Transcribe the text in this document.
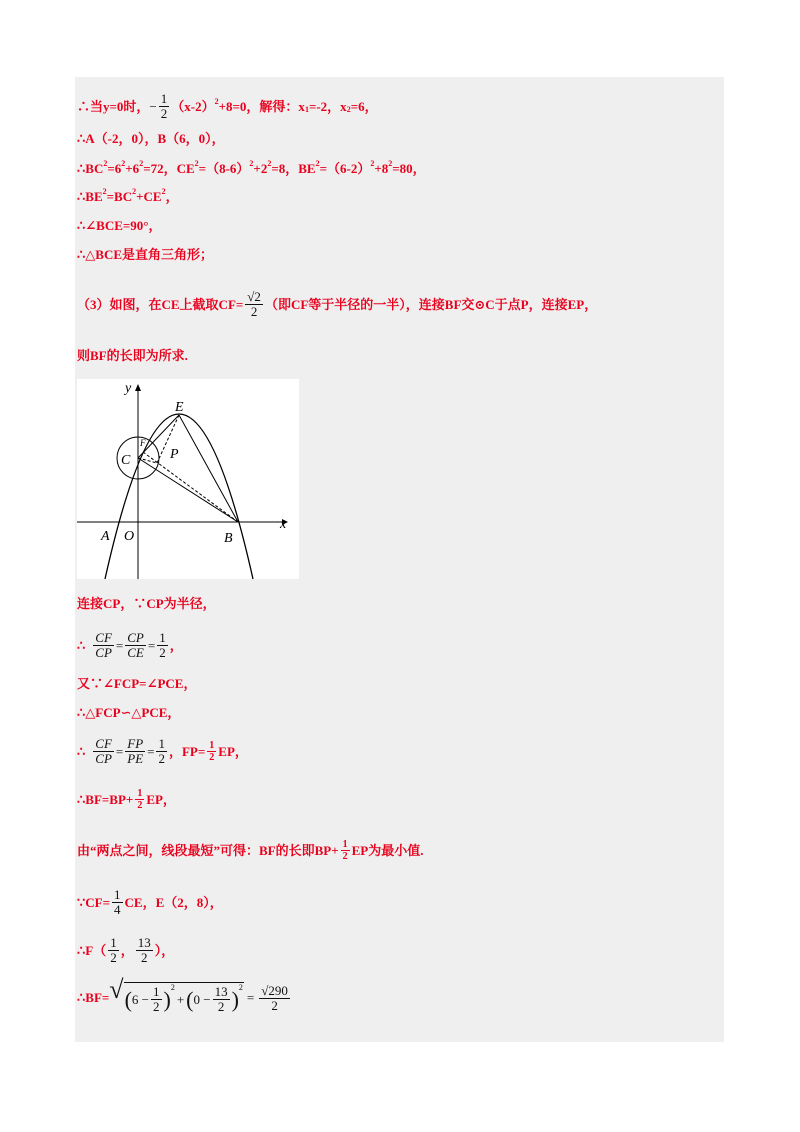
∴当y=0时， − $\frac{1}{2} (x-2)^2 +8=0$，解得：$x_1 =-2$，$x_2 =6$，
∴A（-2，0），B（6，0），
$\therefore BC^2 =6^2 +6^2 =72$，$CE^2 =(8-6)^2 +2^2 =8$，$BE^2 =(6-2)^2 +8^2 =80$，
$\therefore BE^2 =BC^2 +CE^2$ ，
∴∠BCE=90°，
∴△BCE是直角三角形；
（3）如图，在CE上截取$CF= \frac{√2}{2}$ （即CF等于半径的一半），连接BF交⊙C于点P，连接EP，
则BF的长即为所求.
y
x
E
C	P
F
A O	B
连接CP，∵CP为半径，
∴ $\frac{CF}{CP} = \frac{CP}{CE} = \frac{1}{2}$ ，
又∵∠FCP=∠PCE，
∴△FCP∽△PCE，
∴ $\frac{CF}{CP} = \frac{FP}{PE} = \frac{1}{2}$ ，$FP= \frac{1}{2}$ EP，
∴BF=BP+ $\frac{1}{2}$ EP，
由“两点之间，线段最短”可得：BF的长即$BP+ \frac{1}{2}$ EP为最小值.
∵CF= $\frac{1}{4}$ CE，E（2，8），
∴F（ $\frac{1}{2}$ ， $\frac{13}{2}$ ），
∴BF= √ ( $6 - \frac{1}{2} )^2$
+ ( $0 - \frac{13}{2} )^2$
= $\frac{√290}{2}$
